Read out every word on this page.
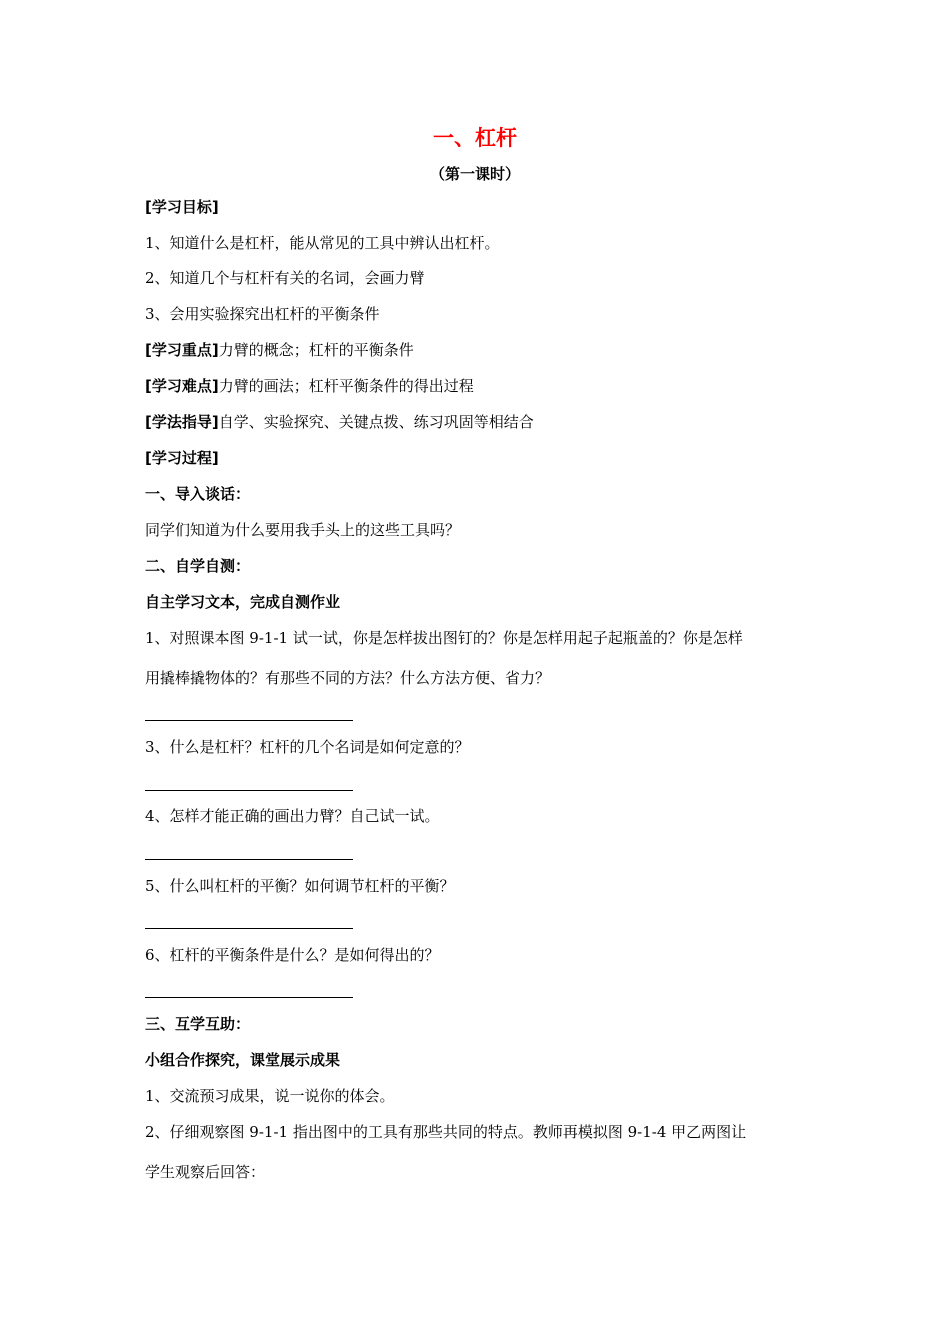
一、杠杆
（第一课时）
[学习目标]
1、知道什么是杠杆，能从常见的工具中辨认出杠杆。
2、知道几个与杠杆有关的名词，会画力臂
3、会用实验探究出杠杆的平衡条件
[学习重点]力臂的概念；杠杆的平衡条件
[学习难点]力臂的画法；杠杆平衡条件的得出过程
[学法指导]自学、实验探究、关键点拨、练习巩固等相结合
[学习过程]
一、导入谈话：
同学们知道为什么要用我手头上的这些工具吗？
二、自学自测：
自主学习文本，完成自测作业
1、对照课本图 9-1-1 试一试，你是怎样拔出图钉的？你是怎样用起子起瓶盖的？你是怎样
用撬棒撬物体的？有那些不同的方法？什么方法方便、省力？
3、什么是杠杆？杠杆的几个名词是如何定意的？
4、怎样才能正确的画出力臂？自己试一试。
5、什么叫杠杆的平衡？如何调节杠杆的平衡？
6、杠杆的平衡条件是什么？是如何得出的？
三、互学互助：
小组合作探究，课堂展示成果
1、交流预习成果，说一说你的体会。
2、仔细观察图 9-1-1 指出图中的工具有那些共同的特点。教师再模拟图 9-1-4 甲乙两图让
学生观察后回答：
